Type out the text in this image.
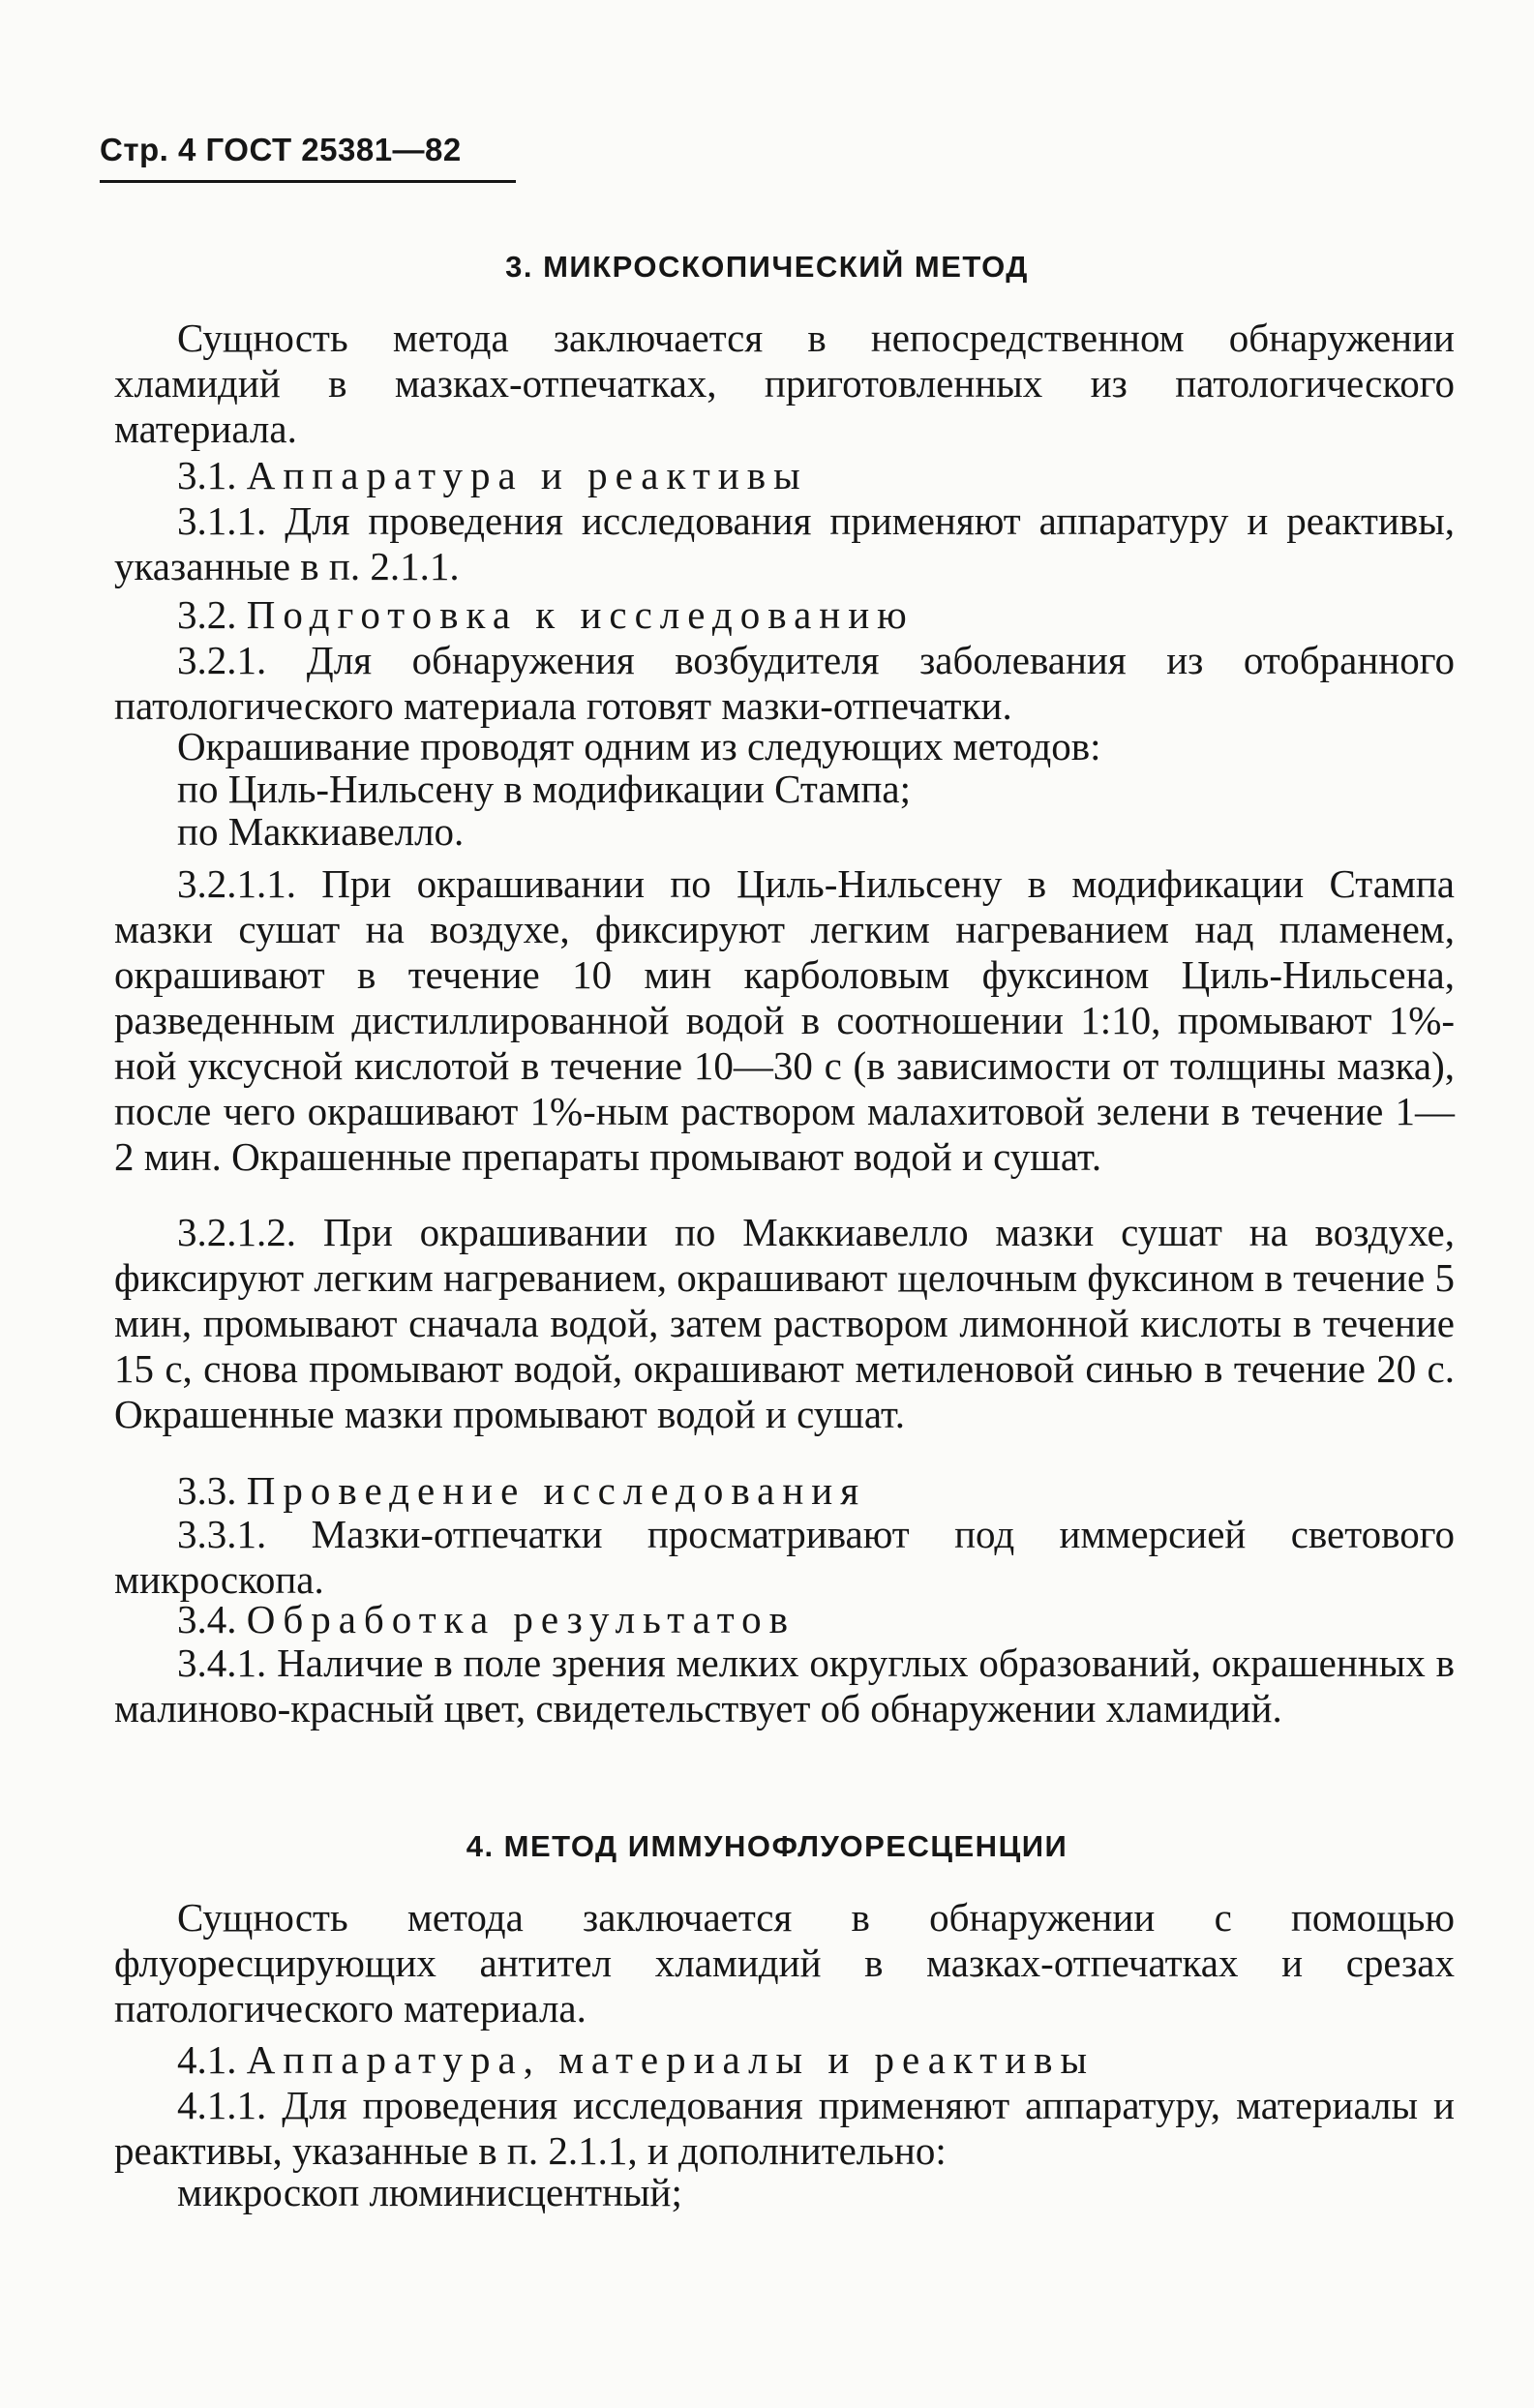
Стр. 4 ГОСТ 25381—82
3. МИКРОСКОПИЧЕСКИЙ МЕТОД

Сущность метода заключается в непосредственном обнаружении хламидий в мазках-отпечатках, приготовленных из патологического материала.

3.1. Аппаратура и реактивы

3.1.1. Для проведения исследования применяют аппаратуру и реактивы, указанные в п. 2.1.1.

3.2. Подготовка к исследованию

3.2.1. Для обнаружения возбудителя заболевания из отобранного патологического материала готовят мазки-отпечатки.

Окрашивание проводят одним из следующих методов:

по Циль-Нильсену в модификации Стампа;

по Маккиавелло.

3.2.1.1. При окрашивании по Циль-Нильсену в модификации Стампа мазки сушат на воздухе, фиксируют легким нагреванием над пламенем, окрашивают в течение 10 мин карболовым фуксином Циль-Нильсена, разведенным дистиллированной водой в соотношении 1:10, промывают 1%-ной уксусной кислотой в течение 10—30 с (в зависимости от толщины мазка), после чего окрашивают 1%-ным раствором малахитовой зелени в течение 1—2 мин. Окрашенные препараты промывают водой и сушат.

3.2.1.2. При окрашивании по Маккиавелло мазки сушат на воздухе, фиксируют легким нагреванием, окрашивают щелочным фуксином в течение 5 мин, промывают сначала водой, затем раствором лимонной кислоты в течение 15 с, снова промывают водой, окрашивают метиленовой синью в течение 20 с. Окрашенные мазки промывают водой и сушат.

3.3. Проведение исследования

3.3.1. Мазки-отпечатки просматривают под иммерсией светового микроскопа.

3.4. Обработка результатов

3.4.1. Наличие в поле зрения мелких округлых образований, окрашенных в малиново-красный цвет, свидетельствует об обнаружении хламидий.

4. МЕТОД ИММУНОФЛУОРЕСЦЕНЦИИ

Сущность метода заключается в обнаружении с помощью флуоресцирующих антител хламидий в мазках-отпечатках и срезах патологического материала.

4.1. Аппаратура, материалы и реактивы

4.1.1. Для проведения исследования применяют аппаратуру, материалы и реактивы, указанные в п. 2.1.1, и дополнительно:

микроскоп люминисцентный;
